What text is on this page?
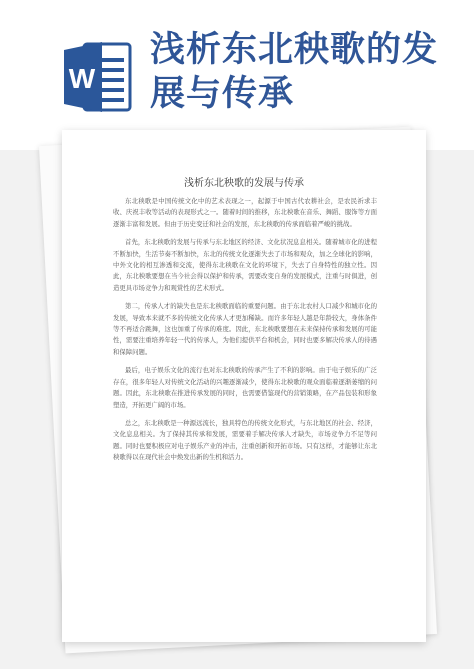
W
浅析东北秧歌的发展与传承
浅析东北秧歌的发展与传承

东北秧歌是中国传统文化中的艺术表现之一，起源于中国古代农耕社会，是农民祈求丰收、庆祝丰收等活动的表现形式之一。随着时间的推移，东北秧歌在音乐、舞蹈、服饰等方面逐渐丰富和发展。但由于历史变迁和社会的发展，东北秧歌的传承面临着严峻的挑战。

首先，东北秧歌的发展与传承与东北地区的经济、文化状况息息相关。随着城市化的进程不断加快，生活节奏不断加快，东北的传统文化逐渐失去了市场和观众，加之全球化的影响，中外文化的相互渗透和交流，使得东北秧歌在文化的环境下，失去了自身特性的独立性。因此，东北秧歌要想在当今社会得以保护和传承，需要改变自身的发展模式，注重与时俱进，创造更具市场竞争力和观赏性的艺术形式。

第二，传承人才的缺失也是东北秧歌面临的重要问题。由于东北农村人口减少和城市化的发展，导致本来就不多的传统文化传承人才更加稀缺。而许多年轻人越是年龄较大，身体条件等不再适合跳舞，这也加重了传承的难度。因此，东北秧歌要想在未来保持传承和发展的可能性，需要注重培养年轻一代的传承人，为他们提供平台和机会，同时也要多解决传承人的待遇和保障问题。

最后，电子娱乐文化的流行也对东北秧歌的传承产生了不利的影响。由于电子娱乐的广泛存在，很多年轻人对传统文化活动的兴趣逐渐减少，使得东北秧歌的观众面临着逐渐萎缩的问题。因此，东北秧歌在推进传承发展的同时，也需要借鉴现代的营销策略，在产品包装和形象塑造，开拓更广阔的市场。

总之，东北秧歌是一种源远流长，独具特色的传统文化形式，与东北地区的社会、经济，文化息息相关。为了保持其传承和发展，需要着手解决传承人才缺失，市场竞争力不足等问题。同时也要积极应对电子娱乐产业的冲击，注重创新和开拓市场。只有这样，才能够让东北秧歌得以在现代社会中焕发出新的生机和活力。
